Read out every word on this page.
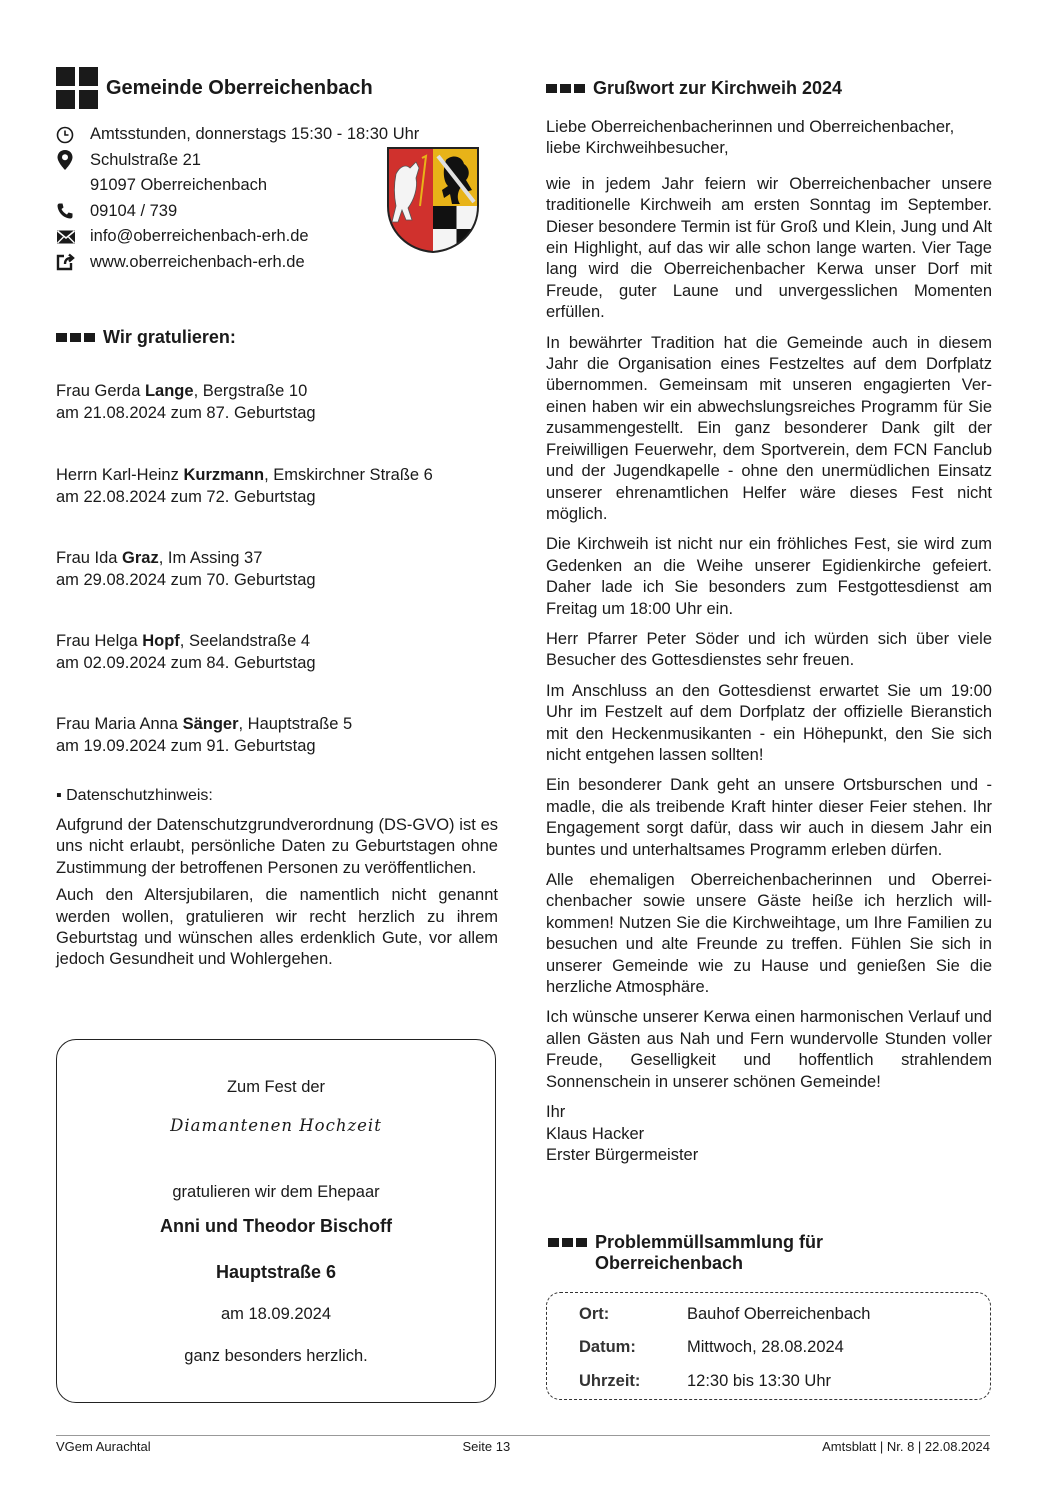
Gemeinde Oberreichenbach
Amtsstunden, donnerstags 15:30 - 18:30 Uhr
Schulstraße 21
91097 Oberreichenbach
09104 / 739
info@oberreichenbach-erh.de
www.oberreichenbach-erh.de
Wir gratulieren:
Frau Gerda Lange, Bergstraße 10
am 21.08.2024 zum 87. Geburtstag
Herrn Karl-Heinz Kurzmann, Emskirchner Straße 6
am 22.08.2024 zum 72. Geburtstag
Frau Ida Graz, Im Assing 37
am 29.08.2024 zum 70. Geburtstag
Frau Helga Hopf, Seelandstraße 4
am 02.09.2024 zum 84. Geburtstag
Frau Maria Anna Sänger, Hauptstraße 5
am 19.09.2024 zum 91. Geburtstag
▪ Datenschutzhinweis:

Aufgrund der Datenschutzgrundverordnung (DS-GVO) ist es uns nicht erlaubt, persönliche Daten zu Geburtstagen ohne Zustimmung der betroffenen Personen zu veröffentlichen.

Auch den Altersjubilaren, die namentlich nicht genannt werden wollen, gratulieren wir recht herzlich zu ihrem Geburtstag und wünschen alles erdenklich Gute, vor allem jedoch Gesundheit und Wohlergehen.

Zum Fest der
Diamantenen Hochzeit
gratulieren wir dem Ehepaar
Anni und Theodor Bischoff
Hauptstraße 6
am 18.09.2024
ganz besonders herzlich.
Grußwort zur Kirchweih 2024

Liebe Oberreichenbacherinnen und Oberreichenbacher, liebe Kirchweihbesucher,

wie in jedem Jahr feiern wir Oberreichenbacher unsere traditionelle Kirchweih am ersten Sonntag im September. Dieser besondere Termin ist für Groß und Klein, Jung und Alt ein Highlight, auf das wir alle schon lange warten. Vier Tage lang wird die Oberreichenbacher Kerwa unser Dorf mit Freude, guter Laune und unvergesslichen Momenten erfüllen.

In bewährter Tradition hat die Gemeinde auch in diesem Jahr die Organisation eines Festzeltes auf dem Dorfplatz übernommen. Gemeinsam mit unseren engagierten Vereinen haben wir ein abwechslungsreiches Programm für Sie zusammengestellt. Ein ganz besonderer Dank gilt der Freiwilligen Feuerwehr, dem Sportverein, dem FCN Fanclub und der Jugendkapelle - ohne den unermüdlichen Einsatz unserer ehrenamtlichen Helfer wäre dieses Fest nicht möglich.

Die Kirchweih ist nicht nur ein fröhliches Fest, sie wird zum Gedenken an die Weihe unserer Egidienkirche gefeiert. Daher lade ich Sie besonders zum Festgottesdienst am Freitag um 18:00 Uhr ein.

Herr Pfarrer Peter Söder und ich würden sich über viele Besucher des Gottesdienstes sehr freuen.

Im Anschluss an den Gottesdienst erwartet Sie um 19:00 Uhr im Festzelt auf dem Dorfplatz der offizielle Bieranstich mit den Heckenmusikanten - ein Höhepunkt, den Sie sich nicht entgehen lassen sollten!

Ein besonderer Dank geht an unsere Ortsburschen und -madle, die als treibende Kraft hinter dieser Feier stehen. Ihr Engagement sorgt dafür, dass wir auch in diesem Jahr ein buntes und unterhaltsames Programm erleben dürfen.

Alle ehemaligen Oberreichenbacherinnen und Oberreichenbacher sowie unsere Gäste heiße ich herzlich willkommen! Nutzen Sie die Kirchweihtage, um Ihre Familien zu besuchen und alte Freunde zu treffen. Fühlen Sie sich in unserer Gemeinde wie zu Hause und genießen Sie die herzliche Atmosphäre.

Ich wünsche unserer Kerwa einen harmonischen Verlauf und allen Gästen aus Nah und Fern wundervolle Stunden voller Freude, Geselligkeit und hoffentlich strahlendem Sonnenschein in unserer schönen Gemeinde!

Ihr
Klaus Hacker
Erster Bürgermeister
Problemmüllsammlung für
Oberreichenbach
Ort:	Bauhof Oberreichenbach
Datum:	Mittwoch, 28.08.2024
Uhrzeit:	12:30 bis 13:30 Uhr
VGem Aurachtal	Seite 13	Amtsblatt | Nr. 8 | 22.08.2024
